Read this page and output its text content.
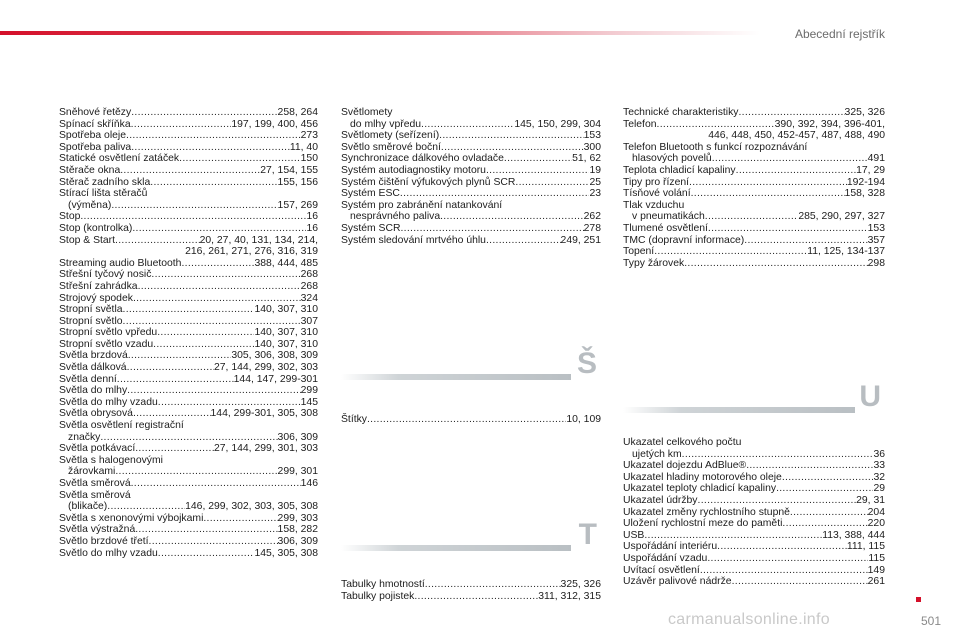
Abecední rejstřík
Sněhové řetězy .....	258, 264
Spínací skříňka .....	197, 199, 400, 456
Spotřeba oleje .....	273
Spotřeba paliva .....	11, 40
Statické osvětlení zatáček .....	150
Stěrače okna .....	27, 154, 155
Stěrač zadního skla .....	155, 156
Stírací lišta stěračů
(výměna) .....	157, 269
Stop .....	16
Stop (kontrolka) .....	16
Stop & Start .....	20, 27, 40, 131, 134, 214,
216, 261, 271, 276, 316, 319
Streaming audio Bluetooth .....	388, 444, 485
Střešní tyčový nosič .....	268
Střešní zahrádka .....	268
Strojový spodek .....	324
Stropní světla .....	140, 307, 310
Stropní světlo .....	307
Stropní světlo vpředu .....	140, 307, 310
Stropní světlo vzadu .....	140, 307, 310
Světla brzdová .....	305, 306, 308, 309
Světla dálková .....	27, 144, 299, 302, 303
Světla denní .....	144, 147, 299-301
Světla do mlhy .....	299
Světla do mlhy vzadu .....	145
Světla obrysová .....	144, 299-301, 305, 308
Světla osvětlení registrační
značky .....	306, 309
Světla potkávací .....	27, 144, 299, 301, 303
Světla s halogenovými
žárovkami .....	299, 301
Světla směrová .....	146
Světla směrová
(blikače) .....	146, 299, 302, 303, 305, 308
Světla s xenonovými výbojkami .....	299, 303
Světla výstražná .....	158, 282
Světlo brzdové třetí .....	306, 309
Světlo do mlhy vzadu .....	145, 305, 308
Světlomety
do mlhy vpředu .....	145, 150, 299, 304
Světlomety (seřízení) .....	153
Světlo směrové boční .....	300
Synchronizace dálkového ovladače .....	51, 62
Systém autodiagnostiky motoru .....	19
Systém čištění výfukových plynů SCR .....	25
Systém ESC .....	23
Systém pro zabránění natankování
nesprávného paliva .....	262
Systém SCR .....	278
Systém sledování mrtvého úhlu .....	249, 251
Š
Štítky .....	10, 109
T
Tabulky hmotností .....	325, 326
Tabulky pojistek .....	311, 312, 315
Technické charakteristiky .....	325, 326
Telefon .....	390, 392, 394, 396-401,
446, 448, 450, 452-457, 487, 488, 490
Telefon Bluetooth s funkcí rozpoznávání
hlasových povelů .....	491
Teplota chladicí kapaliny .....	17, 29
Tipy pro řízení .....	192-194
Tísňové volání .....	158, 328
Tlak vzduchu
v pneumatikách .....	285, 290, 297, 327
Tlumené osvětlení .....	153
TMC (dopravní informace) .....	357
Topení .....	11, 125, 134-137
Typy žárovek .....	298
U
Ukazatel celkového počtu
ujetých km .....	36
Ukazatel dojezdu AdBlue® .....	33
Ukazatel hladiny motorového oleje .....	32
Ukazatel teploty chladicí kapaliny .....	29
Ukazatel údržby .....	29, 31
Ukazatel změny rychlostního stupně .....	204
Uložení rychlostní meze do paměti .....	220
USB .....	113, 388, 444
Uspořádání interiéru .....	111, 115
Uspořádání vzadu .....	115
Uvítací osvětlení .....	149
Uzávěr palivové nádrže .....	261
carmanualsonline.info	501
